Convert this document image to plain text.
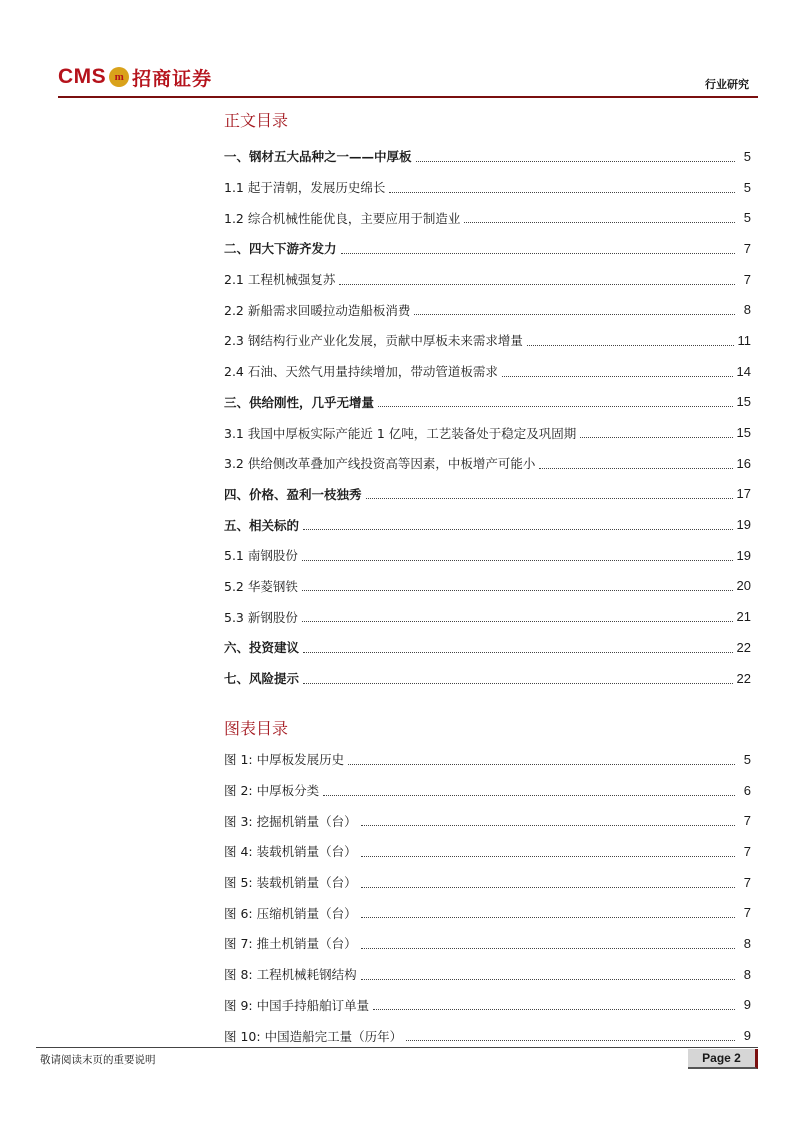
CMS m 招商证券	行业研究
正文目录
一、钢材五大品种之一——中厚板	5
1.1 起于清朝，发展历史绵长	5
1.2 综合机械性能优良，主要应用于制造业	5
二、四大下游齐发力	7
2.1 工程机械强复苏	7
2.2 新船需求回暖拉动造船板消费	8
2.3 钢结构行业产业化发展，贡献中厚板未来需求增量	11
2.4 石油、天然气用量持续增加，带动管道板需求	14
三、供给刚性，几乎无增量	15
3.1 我国中厚板实际产能近 1 亿吨，工艺装备处于稳定及巩固期	15
3.2 供给侧改革叠加产线投资高等因素，中板增产可能小	16
四、价格、盈利一枝独秀	17
五、相关标的	19
5.1 南钢股份	19
5.2 华菱钢铁	20
5.3 新钢股份	21
六、投资建议	22
七、风险提示	22
图表目录
图 1: 中厚板发展历史	5
图 2: 中厚板分类	6
图 3: 挖掘机销量（台）	7
图 4: 装载机销量（台）	7
图 5: 装载机销量（台）	7
图 6: 压缩机销量（台）	7
图 7: 推土机销量（台）	8
图 8: 工程机械耗钢结构	8
图 9: 中国手持船舶订单量	9
图 10: 中国造船完工量（历年）	9
敬请阅读末页的重要说明	Page 2
